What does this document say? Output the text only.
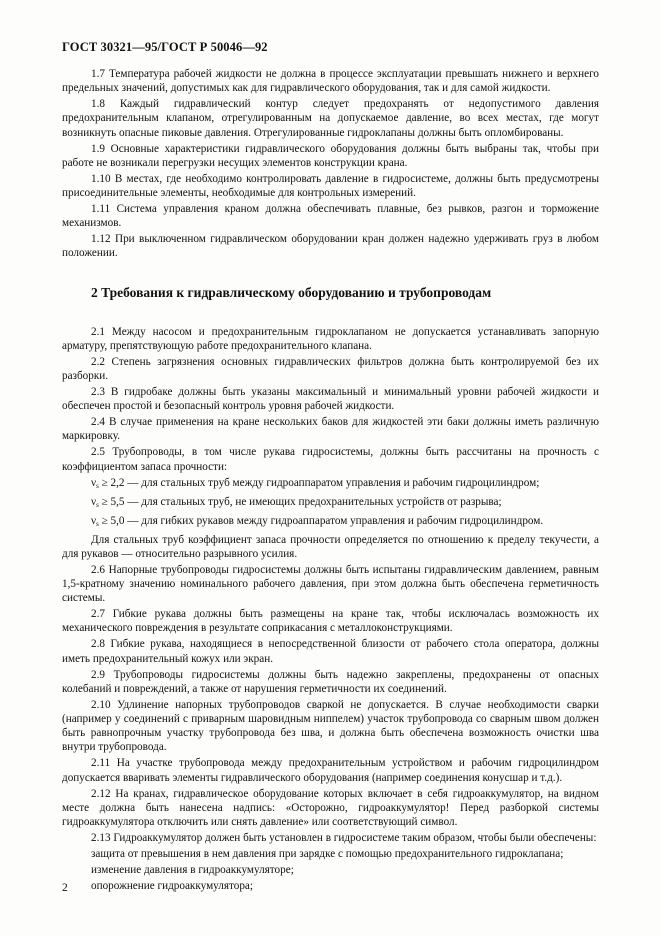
ГОСТ 30321—95/ГОСТ Р 50046—92

1.7 Температура рабочей жидкости не должна в процессе эксплуатации превышать нижнего и верхнего предельных значений, допустимых как для гидравлического оборудования, так и для самой жидкости.

1.8 Каждый гидравлический контур следует предохранять от недопустимого давления предохранительным клапаном, отрегулированным на допускаемое давление, во всех местах, где могут возникнуть опасные пиковые давления. Отрегулированные гидроклапаны должны быть опломбированы.

1.9 Основные характеристики гидравлического оборудования должны быть выбраны так, чтобы при работе не возникали перегрузки несущих элементов конструкции крана.

1.10 В местах, где необходимо контролировать давление в гидросистеме, должны быть предусмотрены присоединительные элементы, необходимые для контрольных измерений.

1.11 Система управления краном должна обеспечивать плавные, без рывков, разгон и торможение механизмов.

1.12 При выключенном гидравлическом оборудовании кран должен надежно удерживать груз в любом положении.

2 Требования к гидравлическому оборудованию и трубопроводам

2.1 Между насосом и предохранительным гидроклапаном не допускается устанавливать запорную арматуру, препятствующую работе предохранительного клапана.

2.2 Степень загрязнения основных гидравлических фильтров должна быть контролируемой без их разборки.

2.3 В гидробаке должны быть указаны максимальный и минимальный уровни рабочей жидкости и обеспечен простой и безопасный контроль уровня рабочей жидкости.

2.4 В случае применения на кране нескольких баков для жидкостей эти баки должны иметь различную маркировку.

2.5 Трубопроводы, в том числе рукава гидросистемы, должны быть рассчитаны на прочность с коэффициентом запаса прочности:

$\nu_s \ge 2,2$ — для стальных труб между гидроаппаратом управления и рабочим гидроцилиндром;

$\nu_s \ge 5,5$ — для стальных труб, не имеющих предохранительных устройств от разрыва;

$\nu_s \ge 5,0$ — для гибких рукавов между гидроаппаратом управления и рабочим гидроцилиндром.

Для стальных труб коэффициент запаса прочности определяется по отношению к пределу текучести, а для рукавов — относительно разрывного усилия.

2.6 Напорные трубопроводы гидросистемы должны быть испытаны гидравлическим давлением, равным 1,5-кратному значению номинального рабочего давления, при этом должна быть обеспечена герметичность системы.

2.7 Гибкие рукава должны быть размещены на кране так, чтобы исключалась возможность их механического повреждения в результате соприкасания с металлоконструкциями.

2.8 Гибкие рукава, находящиеся в непосредственной близости от рабочего стола оператора, должны иметь предохранительный кожух или экран.

2.9 Трубопроводы гидросистемы должны быть надежно закреплены, предохранены от опасных колебаний и повреждений, а также от нарушения герметичности их соединений.

2.10 Удлинение напорных трубопроводов сваркой не допускается. В случае необходимости сварки (например у соединений с приварным шаровидным ниппелем) участок трубопровода со сварным швом должен быть равнопрочным участку трубопровода без шва, и должна быть обеспечена возможность очистки шва внутри трубопровода.

2.11 На участке трубопровода между предохранительным устройством и рабочим гидроцилиндром допускается вваривать элементы гидравлического оборудования (например соединения конусшар и т.д.).

2.12 На кранах, гидравлическое оборудование которых включает в себя гидроаккумулятор, на видном месте должна быть нанесена надпись: «Осторожно, гидроаккумулятор! Перед разборкой системы гидроаккумулятора отключить или снять давление» или соответствующий символ.

2.13 Гидроаккумулятор должен быть установлен в гидросистеме таким образом, чтобы были обеспечены:

защита от превышения в нем давления при зарядке с помощью предохранительного гидроклапана;

изменение давления в гидроаккумуляторе;

опорожнение гидроаккумулятора;

2
